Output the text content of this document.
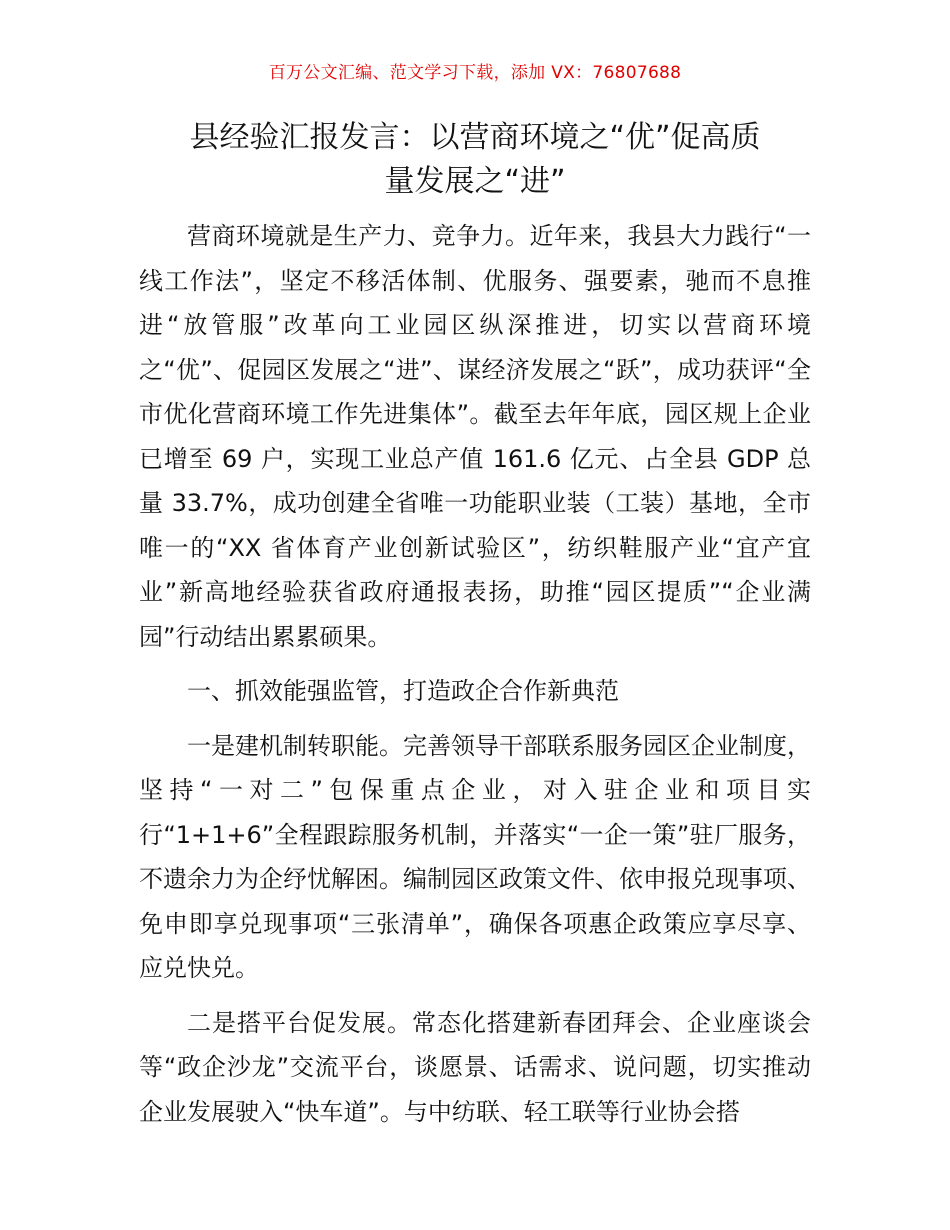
百万公文汇编、范文学习下载，添加 VX：76807688
县经验汇报发言：以营商环境之“优”促高质
量发展之“进”

营商环境就是生产力、竞争力。近年来，我县大力践行“一线工作法”，坚定不移活体制、优服务、强要素，驰而不息推进“放管服”改革向工业园区纵深推进，切实以营商环境之“优”、促园区发展之“进”、谋经济发展之“跃”，成功获评“全市优化营商环境工作先进集体”。截至去年年底，园区规上企业已增至 69 户，实现工业总产值 161.6 亿元、占全县 GDP 总量 33.7%，成功创建全省唯一功能职业装（工装）基地，全市唯一的“XX 省体育产业创新试验区”，纺织鞋服产业“宜产宜业”新高地经验获省政府通报表扬，助推“园区提质”“企业满园”行动结出累累硕果。

一、抓效能强监管，打造政企合作新典范

一是建机制转职能。完善领导干部联系服务园区企业制度，坚持“一对二”包保重点企业，对入驻企业和项目实行“1+1+6”全程跟踪服务机制，并落实“一企一策”驻厂服务，不遗余力为企纾忧解困。编制园区政策文件、依申报兑现事项、免申即享兑现事项“三张清单”，确保各项惠企政策应享尽享、应兑快兑。

二是搭平台促发展。常态化搭建新春团拜会、企业座谈会等“政企沙龙”交流平台，谈愿景、话需求、说问题，切实推动企业发展驶入“快车道”。与中纺联、轻工联等行业协会搭
